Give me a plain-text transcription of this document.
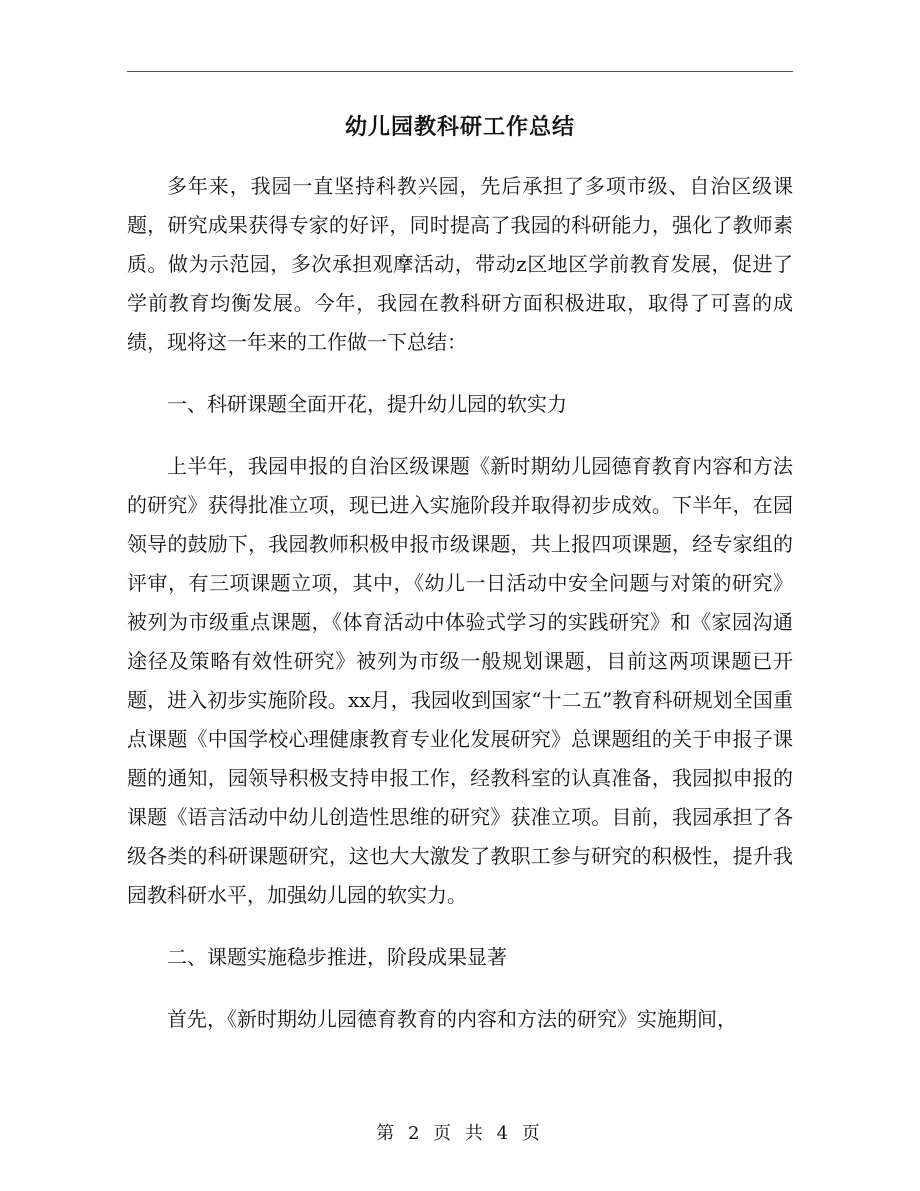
幼儿园教科研工作总结

多年来，我园一直坚持科教兴园，先后承担了多项市级、自治区级课题，研究成果获得专家的好评，同时提高了我园的科研能力，强化了教师素质。做为示范园，多次承担观摩活动，带动z区地区学前教育发展，促进了学前教育均衡发展。今年，我园在教科研方面积极进取，取得了可喜的成绩，现将这一年来的工作做一下总结：

一、科研课题全面开花，提升幼儿园的软实力

上半年，我园申报的自治区级课题《新时期幼儿园德育教育内容和方法的研究》获得批准立项，现已进入实施阶段并取得初步成效。下半年，在园领导的鼓励下，我园教师积极申报市级课题，共上报四项课题，经专家组的评审，有三项课题立项，其中，《幼儿一日活动中安全问题与对策的研究》被列为市级重点课题，《体育活动中体验式学习的实践研究》和《家园沟通途径及策略有效性研究》被列为市级一般规划课题，目前这两项课题已开题，进入初步实施阶段。xx月，我园收到国家“十二五”教育科研规划全国重点课题《中国学校心理健康教育专业化发展研究》总课题组的关于申报子课题的通知，园领导积极支持申报工作，经教科室的认真准备，我园拟申报的课题《语言活动中幼儿创造性思维的研究》获准立项。目前，我园承担了各级各类的科研课题研究，这也大大激发了教职工参与研究的积极性，提升我园教科研水平，加强幼儿园的软实力。

二、课题实施稳步推进，阶段成果显著

首先，《新时期幼儿园德育教育的内容和方法的研究》实施期间，

第 2 页 共 4 页
